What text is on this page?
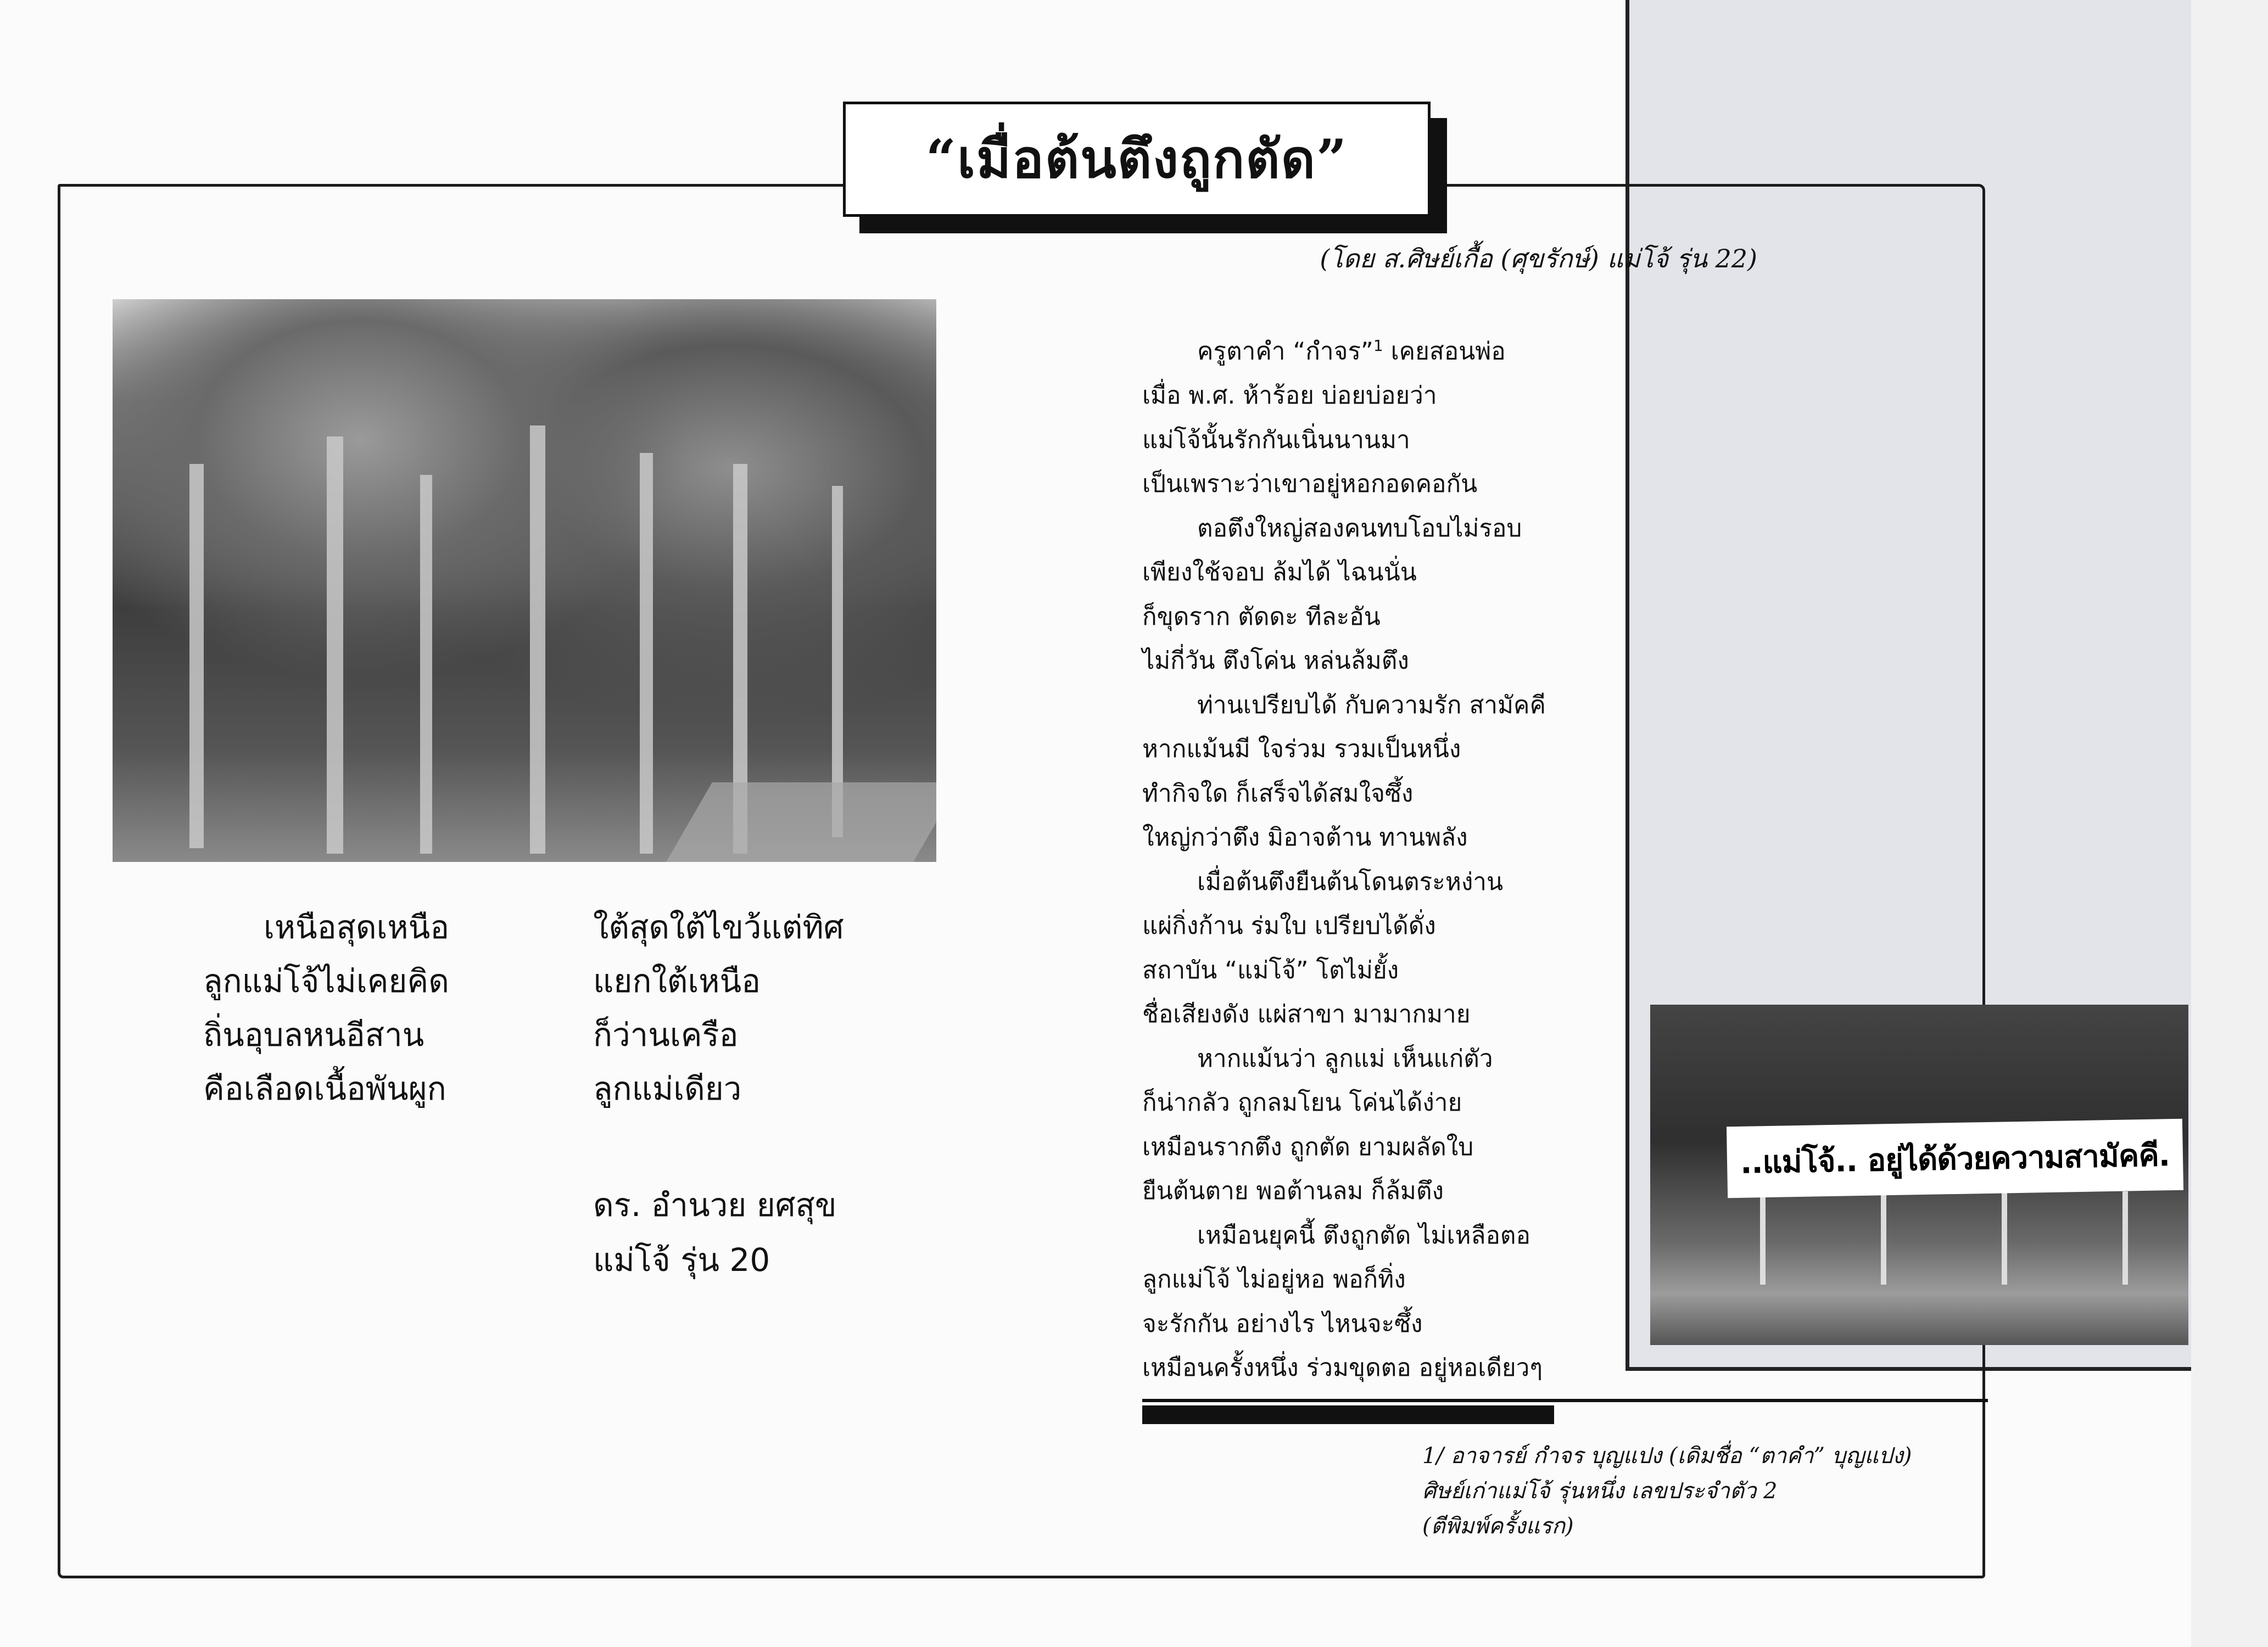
“เมื่อต้นตึงถูกตัด”
(โดย ส.ศิษย์เกื้อ (ศุขรักษ์) แม่โจ้ รุ่น 22)
เหนือสุดเหนือ
ลูกแม่โจ้ไม่เคยคิด
ถิ่นอุบลหนอีสาน
คือเลือดเนื้อพันผูก
ใต้สุดใต้ไขว้แต่ทิศ
แยกใต้เหนือ
ก็ว่านเครือ
ลูกแม่เดียว
ดร. อำนวย ยศสุข
แม่โจ้ รุ่น 20
ครูตาคำ “กำจร”$^1$ เคยสอนพ่อ
เมื่อ พ.ศ. ห้าร้อย บ่อยบ่อยว่า
แม่โจ้นั้นรักกันเนิ่นนานมา
เป็นเพราะว่าเขาอยู่หอกอดคอกัน
ตอตึงใหญ่สองคนทบโอบไม่รอบ
เพียงใช้จอบ ล้มได้ ไฉนนั่น
ก็ขุดราก ตัดดะ ทีละอัน
ไม่กี่วัน ตึงโค่น หล่นล้มตึง
ท่านเปรียบได้ กับความรัก สามัคคี
หากแม้นมี ใจร่วม รวมเป็นหนึ่ง
ทำกิจใด ก็เสร็จได้สมใจซึ้ง
ใหญ่กว่าตึง มิอาจต้าน ทานพลัง
เมื่อต้นตึงยืนต้นโดนตระหง่าน
แผ่กิ่งก้าน ร่มใบ เปรียบได้ดั่ง
สถาบัน “แม่โจ้” โตไม่ยั้ง
ชื่อเสียงดัง แผ่สาขา มามากมาย
หากแม้นว่า ลูกแม่ เห็นแก่ตัว
ก็น่ากลัว ถูกลมโยน โค่นได้ง่าย
เหมือนรากตึง ถูกตัด ยามผลัดใบ
ยืนต้นตาย พอต้านลม ก็ล้มตึง
เหมือนยุคนี้ ตึงถูกตัด ไม่เหลือตอ
ลูกแม่โจ้ ไม่อยู่หอ พอก็ทิ่ง
จะรักกัน อย่างไร ไหนจะซึ้ง
เหมือนครั้งหนึ่ง ร่วมขุดตอ อยู่หอเดียวๆ
..แม่โจ้.. อยู่ได้ด้วยความสามัคคี.
1/ อาจารย์ กำจร บุญแปง (เดิมชื่อ “ตาคำ” บุญแปง)
ศิษย์เก่าแม่โจ้ รุ่นหนึ่ง เลขประจำตัว 2
(ตีพิมพ์ครั้งแรก)
